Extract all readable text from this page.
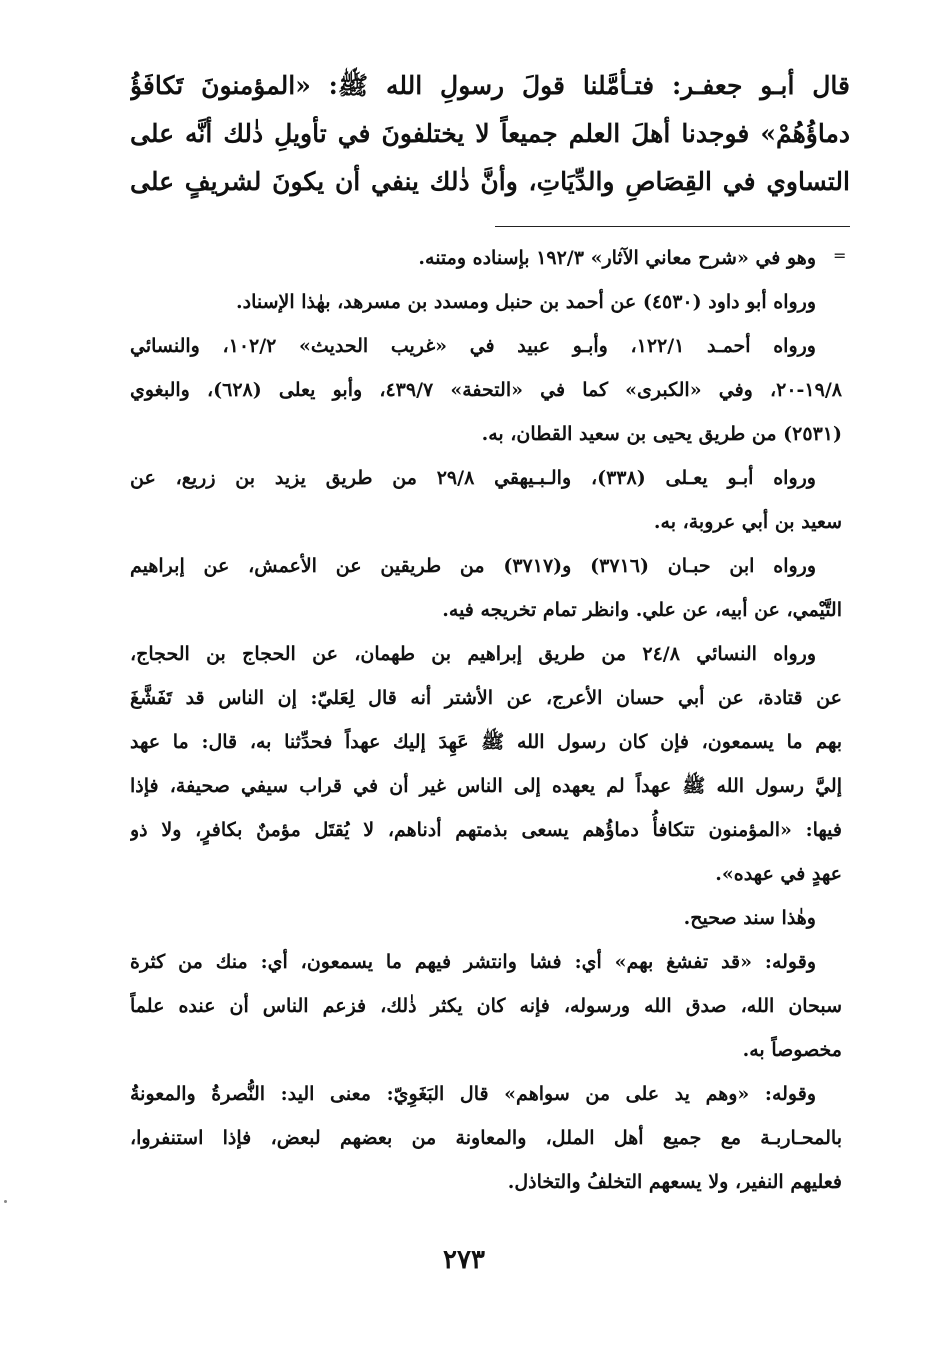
قال أبـو جعفـر: فتـأمَّلنا قولَ رسولِ الله ﷺ: «المؤمنونَ تَكافَؤُ
دماؤُهُمْ» فوجدنا أهلَ العلم جميعاً لا يختلفونَ في تأويلِ ذٰلك أنَّه على
التساوي في القِصَاصِ والدِّيَاتِ، وأنَّ ذٰلك ينفي أن يكونَ لشريفٍ على
=
وهو في «شرح معاني الآثار» ١٩٢/٣ بإسناده ومتنه.
ورواه أبو داود (٤٥٣٠) عن أحمد بن حنبل ومسدد بن مسرهد، بهٰذا الإسناد.
ورواه أحمـد ١٢٢/١، وأبـو عبيد في «غريب الحديث» ١٠٢/٢، والنسائي
١٩/٨-٢٠، وفي «الكبرى» كما في «التحفة» ٤٣٩/٧، وأبو يعلى (٦٢٨)، والبغوي
(٢٥٣١) من طريق يحيى بن سعيد القطان، به.
ورواه أبـو يعـلى (٣٣٨)، والـبـيهقي ٢٩/٨ من طريق يزيد بن زريع، عن
سعيد بن أبي عروبة، به.
ورواه ابن حبـان (٣٧١٦) و(٣٧١٧) من طريقين عن الأعمش، عن إبراهيم
التَّيْمي، عن أبيه، عن علي. وانظر تمام تخريجه فيه.
ورواه النسائي ٢٤/٨ من طريق إبراهيم بن طهمان، عن الحجاج بن الحجاج،
عن قتادة، عن أبي حسان الأعرج، عن الأشتر أنه قال لِعَليّ: إن الناس قد تَفَشَّغَ
بهم ما يسمعون، فإن كان رسول الله ﷺ عَهِدَ إليك عهداً فحدِّثنا به، قال: ما عهد
إليَّ رسول الله ﷺ عهداً لم يعهده إلى الناس غير أن في قراب سيفي صحيفة، فإذا
فيها: «المؤمنون تتكافأُ دماؤُهم يسعى بذمتهم أدناهم، لا يُقتَل مؤمنٌ بكافرٍ، ولا ذو
عهدٍ في عهده».
وهٰذا سند صحيح.
وقوله: «قد تفشغ بهم» أي: فشا وانتشر فيهم ما يسمعون، أي: منك من كثرة
سبحان الله، صدق الله ورسوله، فإنه كان يكثر ذٰلك، فزعم الناس أن عنده علماً
مخصوصاً به.
وقوله: «وهم يد على من سواهم» قال البَغَوِيّ: معنى اليد: النُّصرةُ والمعونةُ
بالمحـاربـة مع جميع أهل الملل، والمعاونة من بعضهم لبعض، فإذا استنفروا،
فعليهم النفير، ولا يسعهم التخلفُ والتخاذل.
٢٧٣
